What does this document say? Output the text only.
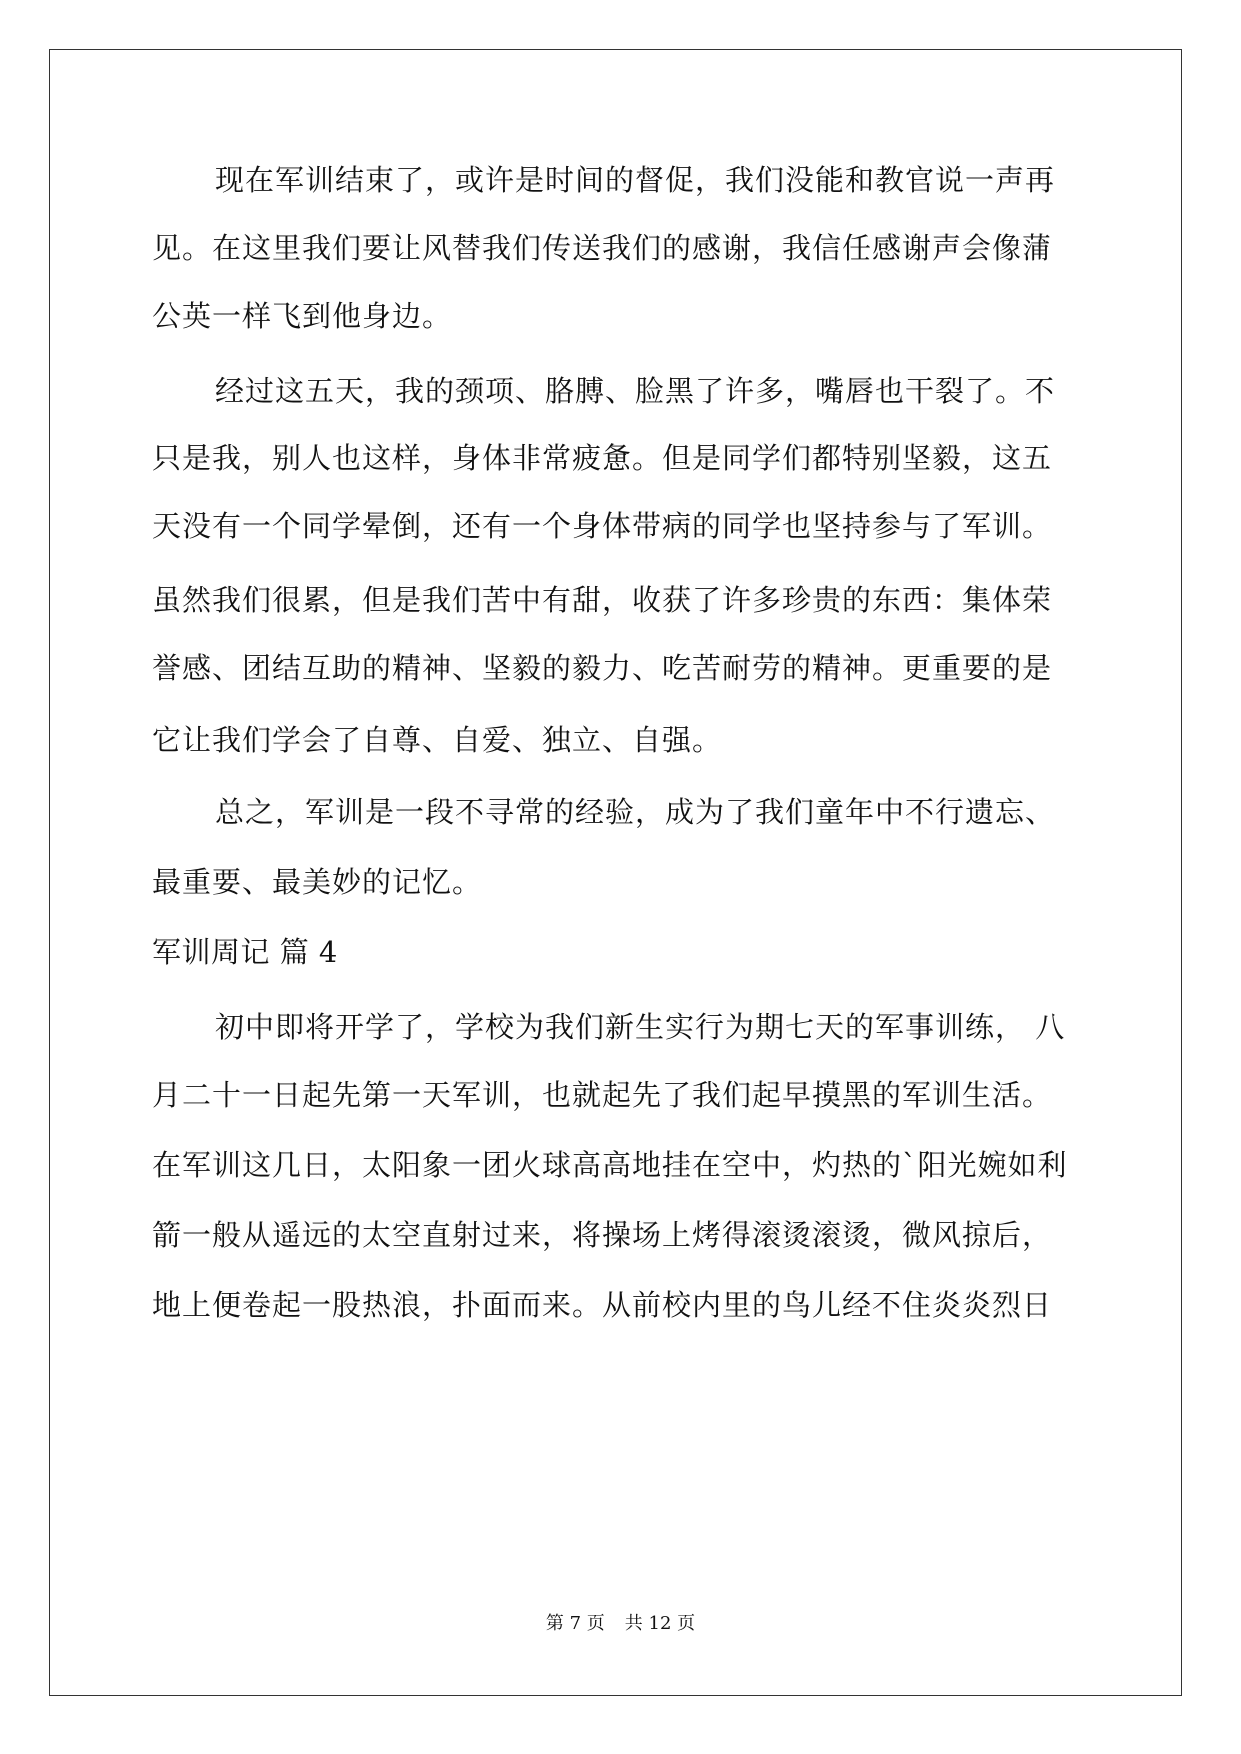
现在军训结束了，或许是时间的督促，我们没能和教官说一声再
见。在这里我们要让风替我们传送我们的感谢，我信任感谢声会像蒲
公英一样飞到他身边。
经过这五天，我的颈项、胳膊、脸黑了许多，嘴唇也干裂了。不
只是我，别人也这样，身体非常疲惫。但是同学们都特别坚毅，这五
天没有一个同学晕倒，还有一个身体带病的同学也坚持参与了军训。
虽然我们很累，但是我们苦中有甜，收获了许多珍贵的东西：集体荣
誉感、团结互助的精神、坚毅的毅力、吃苦耐劳的精神。更重要的是
它让我们学会了自尊、自爱、独立、自强。
总之，军训是一段不寻常的经验，成为了我们童年中不行遗忘、
最重要、最美妙的记忆。
军训周记 篇 4
初中即将开学了，学校为我们新生实行为期七天的军事训练， 八
月二十一日起先第一天军训，也就起先了我们起早摸黑的军训生活。
在军训这几日，太阳象一团火球高高地挂在空中，灼热的`阳光婉如利
箭一般从遥远的太空直射过来，将操场上烤得滚烫滚烫，微风掠后，
地上便卷起一股热浪，扑面而来。从前校内里的鸟儿经不住炎炎烈日
第 7 页 共 12 页
